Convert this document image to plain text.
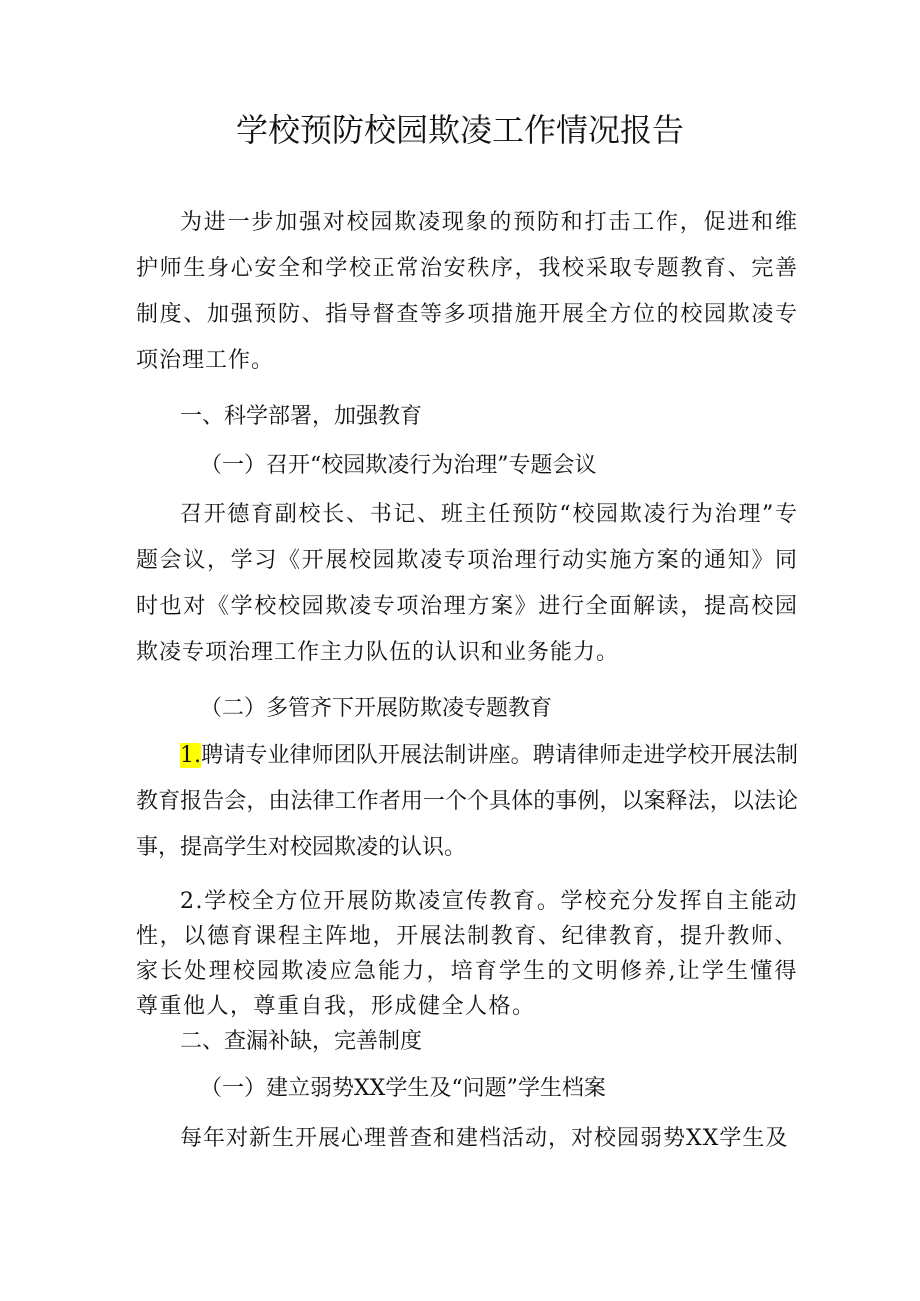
学校预防校园欺凌工作情况报告

为进一步加强对校园欺凌现象的预防和打击工作，促进和维护师生身心安全和学校正常治安秩序，我校采取专题教育、完善制度、加强预防、指导督查等多项措施开展全方位的校园欺凌专项治理工作。

一、科学部署，加强教育
（一）召开“校园欺凌行为治理”专题会议

召开德育副校长、书记、班主任预防“校园欺凌行为治理”专题会议，学习《开展校园欺凌专项治理行动实施方案的通知》同时也对《学校校园欺凌专项治理方案》进行全面解读，提高校园欺凌专项治理工作主力队伍的认识和业务能力。

（二）多管齐下开展防欺凌专题教育

1.聘请专业律师团队开展法制讲座。聘请律师走进学校开展法制教育报告会，由法律工作者用一个个具体的事例，以案释法，以法论事，提高学生对校园欺凌的认识。

2.学校全方位开展防欺凌宣传教育。学校充分发挥自主能动性，以德育课程主阵地，开展法制教育、纪律教育，提升教师、家长处理校园欺凌应急能力，培育学生的文明修养,让学生懂得尊重他人，尊重自我，形成健全人格。

二、查漏补缺，完善制度
（一）建立弱势XX学生及“问题”学生档案

每年对新生开展心理普查和建档活动，对校园弱势XX学生及
